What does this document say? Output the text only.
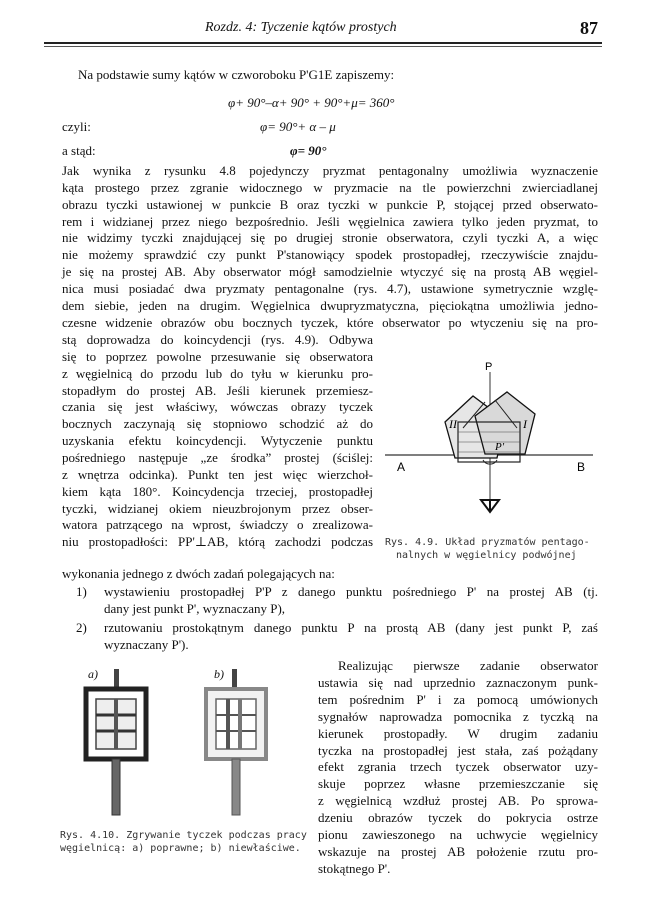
Rozdz. 4: Tyczenie kątów prostych	87
Na podstawie sumy kątów w czworoboku P'G1E zapiszemy:
φ+ 90°–α+ 90° + 90°+μ= 360°
czyli:	φ= 90°+ α – μ
a stąd:	φ= 90°
Jak wynika z rysunku 4.8 pojedynczy pryzmat pentagonalny umożliwia wyznaczenie
kąta prostego przez zgranie widocznego w pryzmacie na tle powierzchni zwierciadlanej
obrazu tyczki ustawionej w punkcie B oraz tyczki w punkcie P, stojącej przed obserwato-
rem i widzianej przez niego bezpośrednio. Jeśli węgielnica zawiera tylko jeden pryzmat, to
nie widzimy tyczki znajdującej się po drugiej stronie obserwatora, czyli tyczki A, a więc
nie możemy sprawdzić czy punkt P'stanowiący spodek prostopadłej, rzeczywiście znajdu-
je się na prostej AB. Aby obserwator mógł samodzielnie wtyczyć się na prostą AB węgiel-
nica musi posiadać dwa pryzmaty pentagonalne (rys. 4.7), ustawione symetrycznie wzglę-
dem siebie, jeden na drugim. Węgielnica dwupryzmatyczna, pięciokątna umożliwia jedno-
czesne widzenie obrazów obu bocznych tyczek, które obserwator po wtyczeniu się na pro-
stą doprowadza do koincydencji (rys. 4.9). Odbywa
się to poprzez powolne przesuwanie się obserwatora
z węgielnicą do przodu lub do tyłu w kierunku pro-
stopadłym do prostej AB. Jeśli kierunek przemiesz-
czania się jest właściwy, wówczas obrazy tyczek
bocznych zaczynają się stopniowo schodzić aż do
uzyskania efektu koincydencji. Wytyczenie punktu
pośredniego następuje „ze środka” prostej (ściślej:
z wnętrza odcinka). Punkt ten jest więc wierzchoł-
kiem kąta 180°. Koincydencja trzeciej, prostopadłej
tyczki, widzianej okiem nieuzbrojonym przez obser-
watora patrzącego na wprost, świadczy o zrealizowa-
niu prostopadłości: PP'⊥AB, którą zachodzi podczas
wykonania jednego z dwóch zadań polegających na:
1) wystawieniu prostopadłej P'P z danego punktu pośredniego P' na prostej AB (tj.
dany jest punkt P', wyznaczany P),
2) rzutowaniu prostokątnym danego punktu P na prostą AB (dany jest punkt P, zaś
wyznaczany P').
Realizując pierwsze zadanie obserwator
ustawia się nad uprzednio zaznaczonym punk-
tem pośrednim P' i za pomocą umówionych
sygnałów naprowadza pomocnika z tyczką na
kierunek prostopadły. W drugim zadaniu
tyczka na prostopadłej jest stała, zaś pożądany
efekt zgrania trzech tyczek obserwator uzy-
skuje poprzez własne przemieszczanie się
z węgielnicą wzdłuż prostej AB. Po sprowa-
dzeniu obrazów tyczek do pokrycia ostrze
pionu zawieszonego na uchwycie węgielnicy
wskazuje na prostej AB położenie rzutu pro-
stokątnego P'.
P
P'
A	B
I
II
Rys. 4.9. Układ pryzmatów pentago-
nalnych w węgielnicy podwójnej
a)	b)
Rys. 4.10. Zgrywanie tyczek podczas pracy
węgielnicą: a) poprawne; b) niewłaściwe.
